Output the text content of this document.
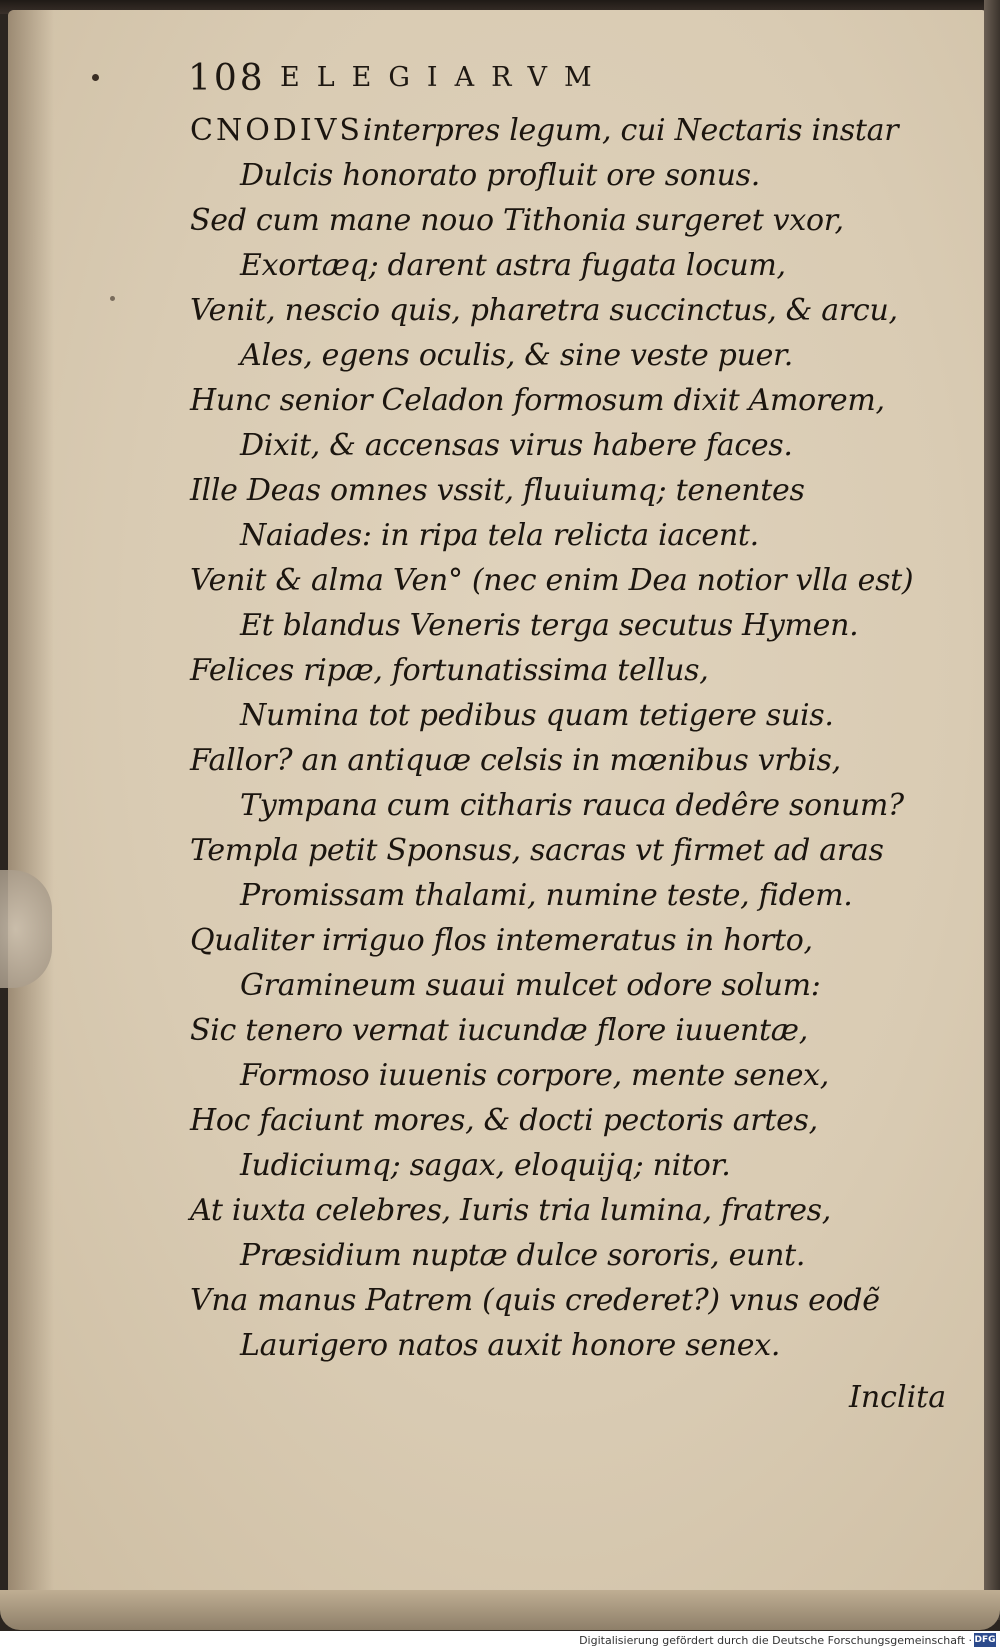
108 ELEGIARVM
CNODIVSinterpres legum, cui Nectaris instar
Dulcis honorato profluit ore sonus.
Sed cum mane nouo Tithonia surgeret vxor,
Exortæq; darent astra fugata locum,
Venit, nescio quis, pharetra succinctus, & arcu,
Ales, egens oculis, & sine veste puer.
Hunc senior Celadon formosum dixit Amorem,
Dixit, & accensas virus habere faces.
Ille Deas omnes vssit, fluuiumq; tenentes
Naiades: in ripa tela relicta iacent.
Venit & alma Ven° (nec enim Dea notior vlla est)
Et blandus Veneris terga secutus Hymen.
Felices ripæ, fortunatissima tellus,
Numina tot pedibus quam tetigere suis.
Fallor? an antiquæ celsis in mœnibus vrbis,
Tympana cum citharis rauca dedêre sonum?
Templa petit Sponsus, sacras vt firmet ad aras
Promissam thalami, numine teste, fidem.
Qualiter irriguo flos intemeratus in horto,
Gramineum suaui mulcet odore solum:
Sic tenero vernat iucundæ flore iuuentæ,
Formoso iuuenis corpore, mente senex,
Hoc faciunt mores, & docti pectoris artes,
Iudiciumq; sagax, eloquijq; nitor.
At iuxta celebres, Iuris tria lumina, fratres,
Præsidium nuptæ dulce sororis, eunt.
Vna manus Patrem (quis crederet?) vnus eodẽ
Laurigero natos auxit honore senex.
Inclita
Digitalisierung gefördert durch die Deutsche Forschungsgemeinschaft · DFG
